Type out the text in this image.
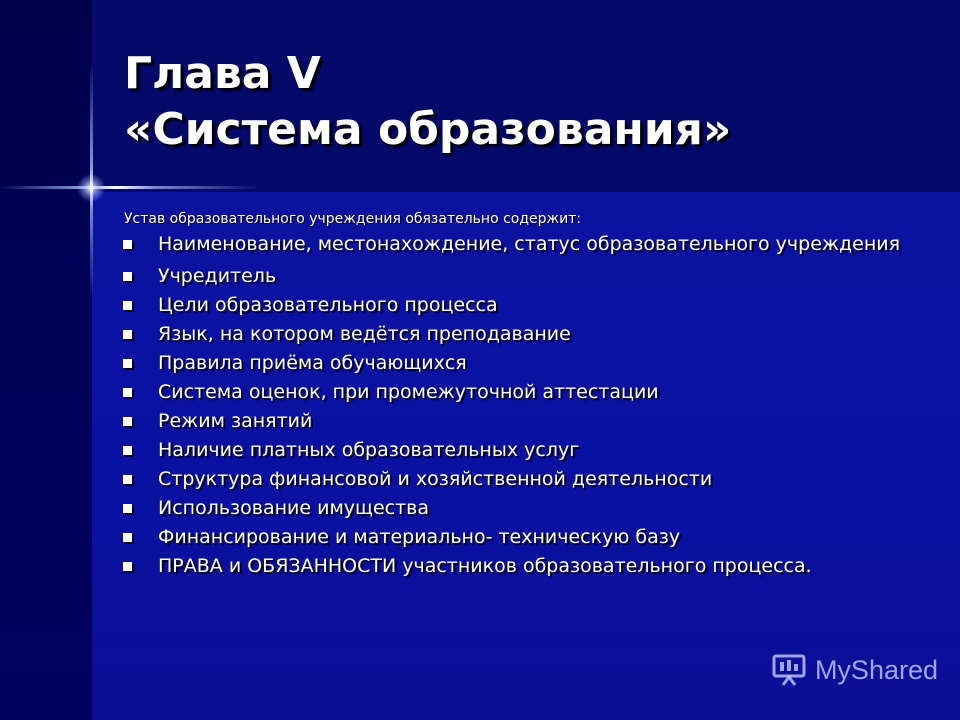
Глава V
«Система образования»
Устав образовательного учреждения обязательно содержит:
Наименование, местонахождение, статус образовательного учреждения
Учредитель
Цели образовательного процесса
Язык, на котором ведётся преподавание
Правила приёма обучающихся
Система оценок, при промежуточной аттестации
Режим занятий
Наличие платных образовательных услуг
Структура финансовой и хозяйственной деятельности
Использование имущества
Финансирование и материально- техническую базу
ПРАВА и ОБЯЗАННОСТИ участников образовательного процесса.
MyShared
